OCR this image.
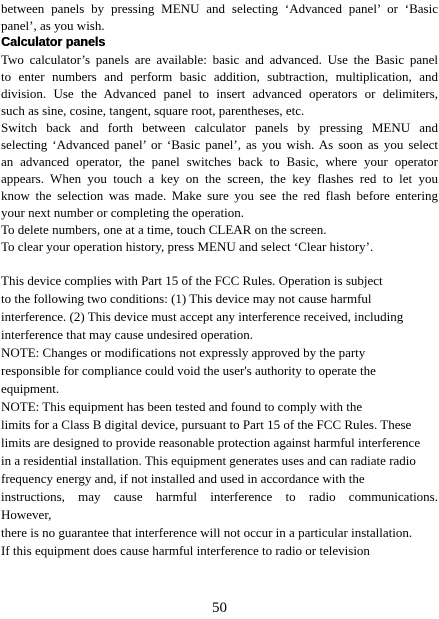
between panels by pressing MENU and selecting ‘Advanced panel’ or ‘Basic
panel’, as you wish.
Calculator panels
Two calculator’s panels are available: basic and advanced. Use the Basic panel
to enter numbers and perform basic addition, subtraction, multiplication, and
division. Use the Advanced panel to insert advanced operators or delimiters,
such as sine, cosine, tangent, square root, parentheses, etc.
Switch back and forth between calculator panels by pressing MENU and
selecting ‘Advanced panel’ or ‘Basic panel’, as you wish. As soon as you select
an advanced operator, the panel switches back to Basic, where your operator
appears. When you touch a key on the screen, the key flashes red to let you
know the selection was made. Make sure you see the red flash before entering
your next number or completing the operation.
To delete numbers, one at a time, touch CLEAR on the screen.
To clear your operation history, press MENU and select ‘Clear history’.
This device complies with Part 15 of the FCC Rules. Operation is subject
to the following two conditions: (1) This device may not cause harmful
interference. (2) This device must accept any interference received, including
interference that may cause undesired operation.
NOTE: Changes or modifications not expressly approved by the party
responsible for compliance could void the user's authority to operate the
equipment.
NOTE: This equipment has been tested and found to comply with the
limits for a Class B digital device, pursuant to Part 15 of the FCC Rules. These
limits are designed to provide reasonable protection against harmful interference
in a residential installation. This equipment generates uses and can radiate radio
frequency energy and, if not installed and used in accordance with the
instructions, may cause harmful interference to radio communications.
However,
there is no guarantee that interference will not occur in a particular installation.
If this equipment does cause harmful interference to radio or television
50
